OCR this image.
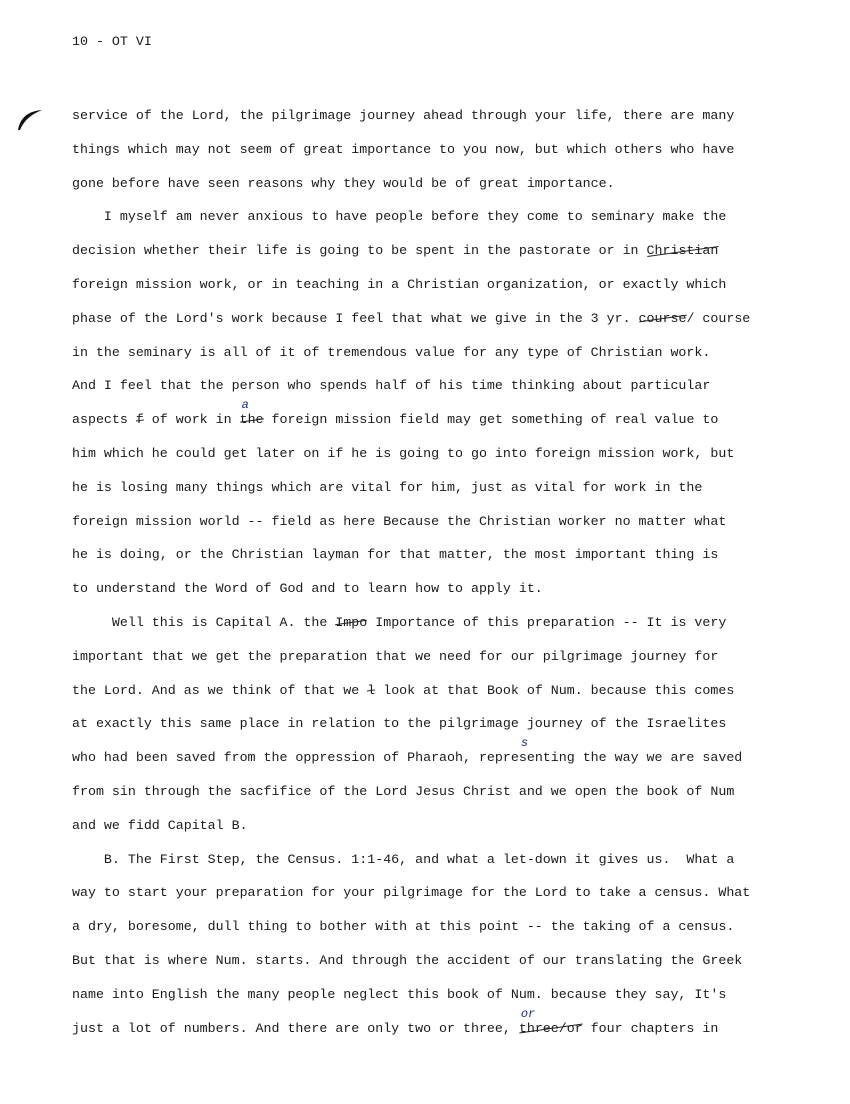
10 - OT VI
service of the Lord, the pilgrimage journey ahead through your life, there are many
things which may not seem of great importance to you now, but which others who have
gone before have seen reasons why they would be of great importance.
I myself am never anxious to have people before they come to seminary make the
decision whether their life is going to be spent in the pastorate or in Christian
foreign mission work, or in teaching in a Christian organization, or exactly which
phase of the Lord's work because I feel that what we give in the 3 yr. course/ course
in the seminary is all of it of tremendous value for any type of Christian work.
And I feel that the person who spends half of his time thinking about particular
aspects f of work in
a
the foreign mission field may get something of real value to
him which he could get later on if he is going to go into foreign mission work, but
he is losing many things which are vital for him, just as vital for work in the
foreign mission world -- field as here Because the Christian worker no matter what
he is doing, or the Christian layman for that matter, the most important thing is
to understand the Word of God and to learn how to apply it.
Well this is Capital A. the Impo Importance of this preparation -- It is very
important that we get the preparation that we need for our pilgrimage journey for
the Lord. And as we think of that we l look at that Book of Num. because this comes
at exactly this same place in relation to the pilgrimage journey of the Israelites
who had been saved from the oppression of Pharaoh, repre
s
senting the way we are saved
from sin through the sacfifice of the Lord Jesus Christ and we open the book of Num
and we fidd Capital B.
B. The First Step, the Census. 1:1-46, and what a let-down it gives us.  What a
way to start your preparation for your pilgrimage for the Lord to take a census. What
a dry, boresome, dull thing to bother with at this point -- the taking of a census.
But that is where Num. starts. And through the accident of our translating the Greek
name into English the many people neglect this book of Num. because they say, It's
just a lot of numbers. And there are only two or three,
or
three/or four chapters in
